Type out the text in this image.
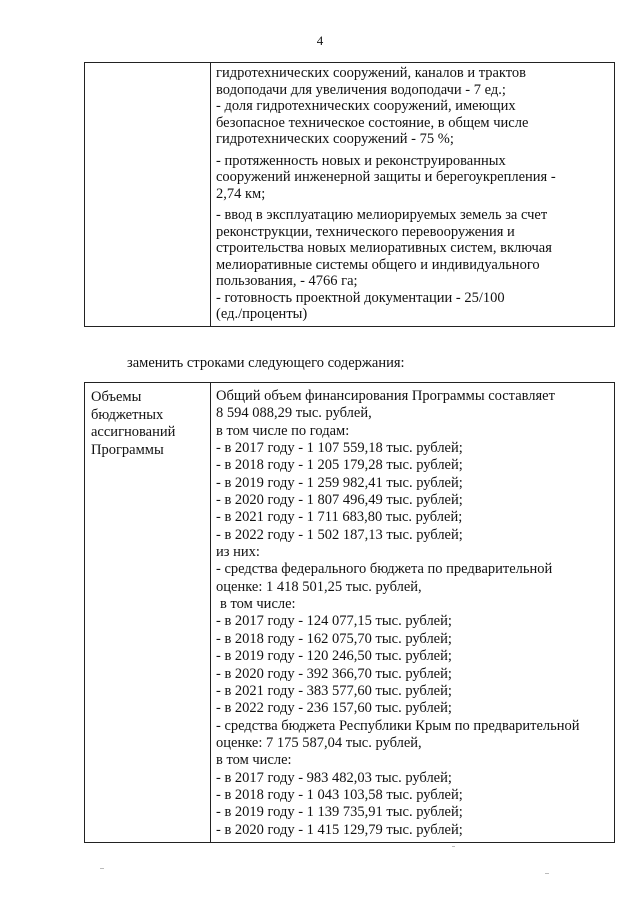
4

гидротехнических сооружений, каналов и трактов
водоподачи для увеличения водоподачи - 7 ед.;
- доля гидротехнических сооружений, имеющих
безопасное техническое состояние, в общем числе
гидротехнических сооружений - 75 %;
- протяженность новых и реконструированных
сооружений инженерной защиты и берегоукрепления -
2,74 км;
- ввод в эксплуатацию мелиорируемых земель за счет
реконструкции, технического перевооружения и
строительства новых мелиоративных систем, включая
мелиоративные системы общего и индивидуального
пользования, - 4766 га;
- готовность проектной документации - 25/100
(ед./проценты)
заменить строками следующего содержания:
Объемы
бюджетных
ассигнований
Программы

Общий объем финансирования Программы составляет
8 594 088,29 тыс. рублей,
в том числе по годам:
- в 2017 году - 1 107 559,18 тыс. рублей;
- в 2018 году - 1 205 179,28 тыс. рублей;
- в 2019 году - 1 259 982,41 тыс. рублей;
- в 2020 году - 1 807 496,49 тыс. рублей;
- в 2021 году - 1 711 683,80 тыс. рублей;
- в 2022 году - 1 502 187,13 тыс. рублей;
из них:
- средства федерального бюджета по предварительной
оценке: 1 418 501,25 тыс. рублей,
в том числе:
- в 2017 году - 124 077,15 тыс. рублей;
- в 2018 году - 162 075,70 тыс. рублей;
- в 2019 году - 120 246,50 тыс. рублей;
- в 2020 году - 392 366,70 тыс. рублей;
- в 2021 году - 383 577,60 тыс. рублей;
- в 2022 году - 236 157,60 тыс. рублей;
- средства бюджета Республики Крым по предварительной
оценке: 7 175 587,04 тыс. рублей,
в том числе:
- в 2017 году - 983 482,03 тыс. рублей;
- в 2018 году - 1 043 103,58 тыс. рублей;
- в 2019 году - 1 139 735,91 тыс. рублей;
- в 2020 году - 1 415 129,79 тыс. рублей;
